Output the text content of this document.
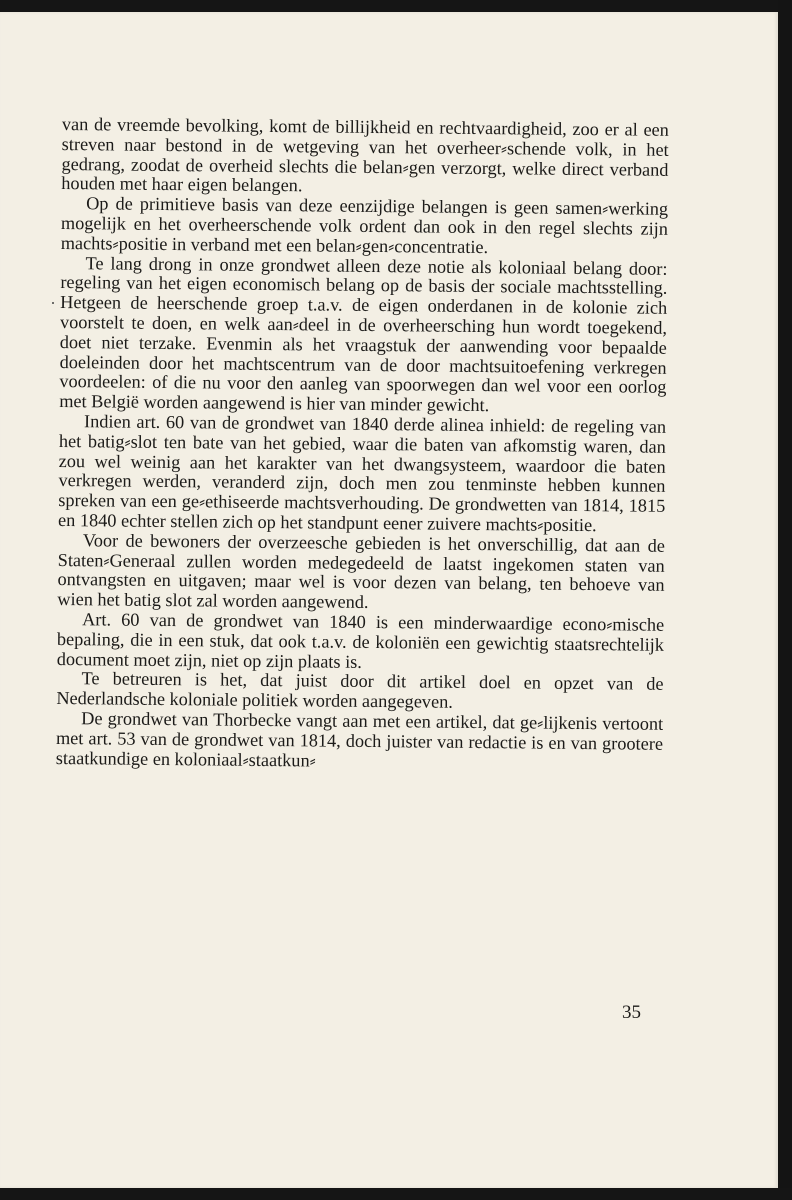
van de vreemde bevolking, komt de billijkheid en rechtvaardigheid, zoo er al een streven naar bestond in de wetgeving van het overheer⸗schende volk, in het gedrang, zoodat de overheid slechts die belan⸗gen verzorgt, welke direct verband houden met haar eigen belangen.

Op de primitieve basis van deze eenzijdige belangen is geen samen⸗werking mogelijk en het overheerschende volk ordent dan ook in den regel slechts zijn machts⸗positie in verband met een belan⸗gen⸗concentratie.

Te lang drong in onze grondwet alleen deze notie als koloniaal belang door: regeling van het eigen economisch belang op de basis der sociale machtsstelling. Hetgeen de heerschende groep t.a.v. de eigen onderdanen in de kolonie zich voorstelt te doen, en welk aan⸗deel in de overheersching hun wordt toegekend, doet niet terzake. Evenmin als het vraagstuk der aanwending voor bepaalde doeleinden door het machtscentrum van de door machtsuitoefening verkregen voordeelen: of die nu voor den aanleg van spoorwegen dan wel voor een oorlog met België worden aangewend is hier van minder gewicht.

Indien art. 60 van de grondwet van 1840 derde alinea inhield: de regeling van het batig⸗slot ten bate van het gebied, waar die baten van afkomstig waren, dan zou wel weinig aan het karakter van het dwangsysteem, waardoor die baten verkregen werden, veranderd zijn, doch men zou tenminste hebben kunnen spreken van een ge⸗ethiseerde machtsverhouding. De grondwetten van 1814, 1815 en 1840 echter stellen zich op het standpunt eener zuivere machts⸗positie.

Voor de bewoners der overzeesche gebieden is het onverschillig, dat aan de Staten⸗Generaal zullen worden medegedeeld de laatst ingekomen staten van ontvangsten en uitgaven; maar wel is voor dezen van belang, ten behoeve van wien het batig slot zal worden aangewend.

Art. 60 van de grondwet van 1840 is een minderwaardige econo⸗mische bepaling, die in een stuk, dat ook t.a.v. de koloniën een gewichtig staatsrechtelijk document moet zijn, niet op zijn plaats is.

Te betreuren is het, dat juist door dit artikel doel en opzet van de Nederlandsche koloniale politiek worden aangegeven.

De grondwet van Thorbecke vangt aan met een artikel, dat ge⸗lijkenis vertoont met art. 53 van de grondwet van 1814, doch juister van redactie is en van grootere staatkundige en koloniaal⸗staatkun⸗

35
